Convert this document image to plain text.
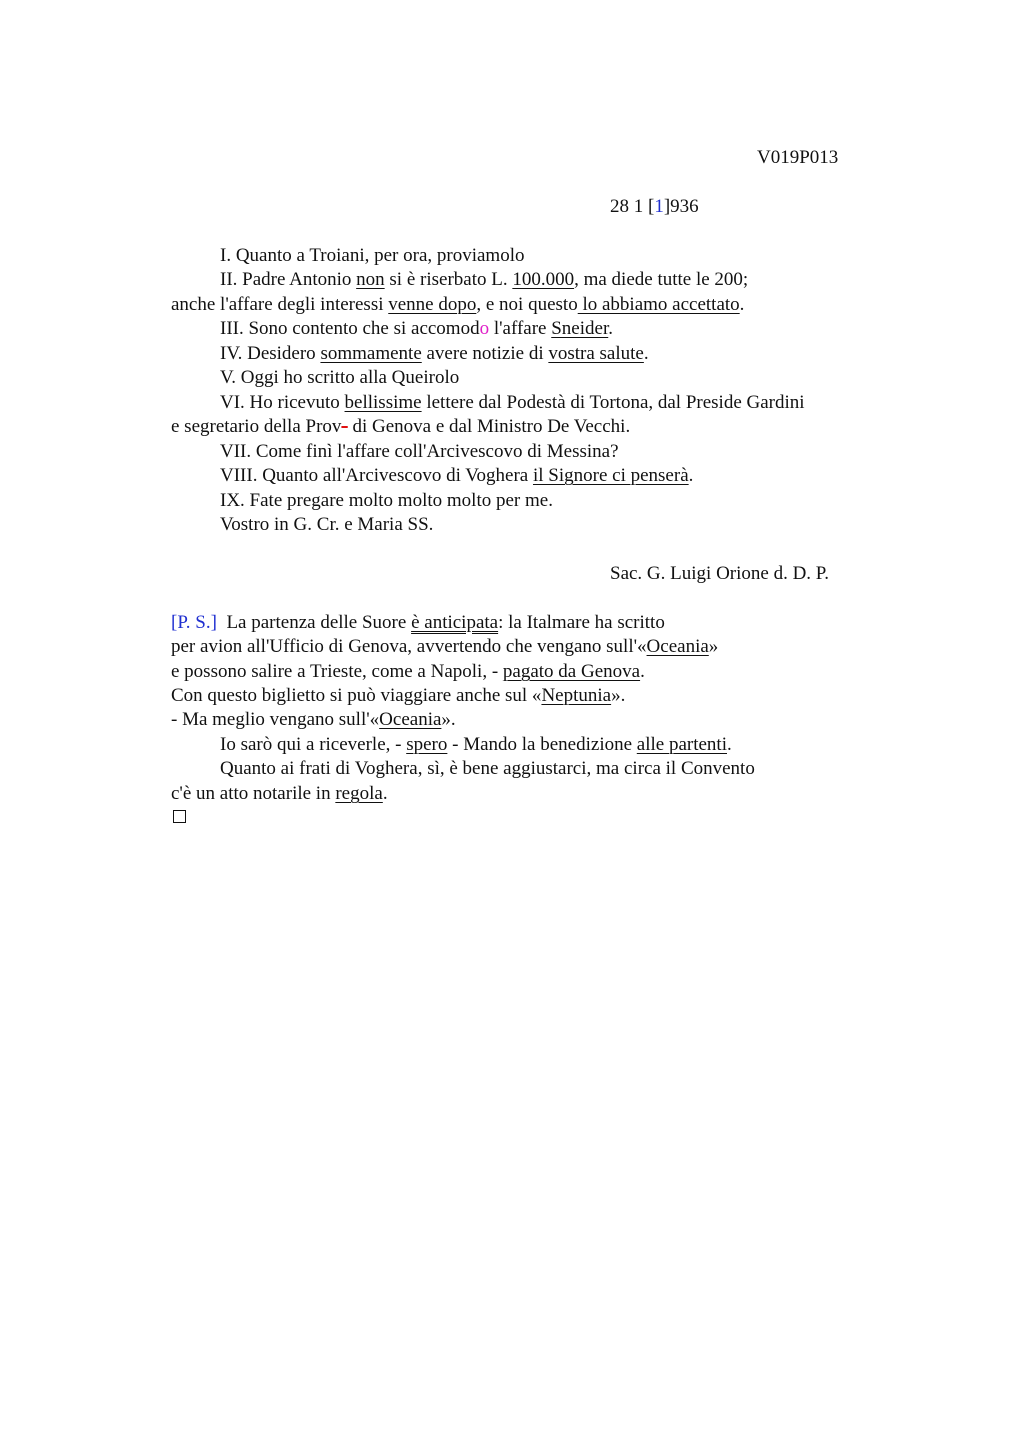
V019P013
28 1 [1]936
I. Quanto a Troiani, per ora, proviamolo
II. Padre Antonio non si è riserbato L. 100.000, ma diede tutte le 200;
anche l'affare degli interessi venne dopo, e noi questo lo abbiamo accettato.
III. Sono contento che si accomodo l'affare Sneider.
IV. Desidero sommamente avere notizie di vostra salute.
V. Oggi ho scritto alla Queirolo
VI. Ho ricevuto bellissime lettere dal Podestà di Tortona, dal Preside Gardini
e segretario della Prov- di Genova e dal Ministro De Vecchi.
VII. Come finì l'affare coll'Arcivescovo di Messina?
VIII. Quanto all'Arcivescovo di Voghera il Signore ci penserà.
IX. Fate pregare molto molto molto per me.
Vostro in G. Cr. e Maria SS.
Sac. G. Luigi Orione d. D. P.
[P. S.]  La partenza delle Suore è anticipata: la Italmare ha scritto
per avion all'Ufficio di Genova, avvertendo che vengano sull'«Oceania»
e possono salire a Trieste, come a Napoli, - pagato da Genova.
Con questo biglietto si può viaggiare anche sul «Neptunia».
- Ma meglio vengano sull'«Oceania».
Io sarò qui a riceverle, - spero - Mando la benedizione alle partenti.
Quanto ai frati di Voghera, sì, è bene aggiustarci, ma circa il Convento
c'è un atto notarile in regola.
